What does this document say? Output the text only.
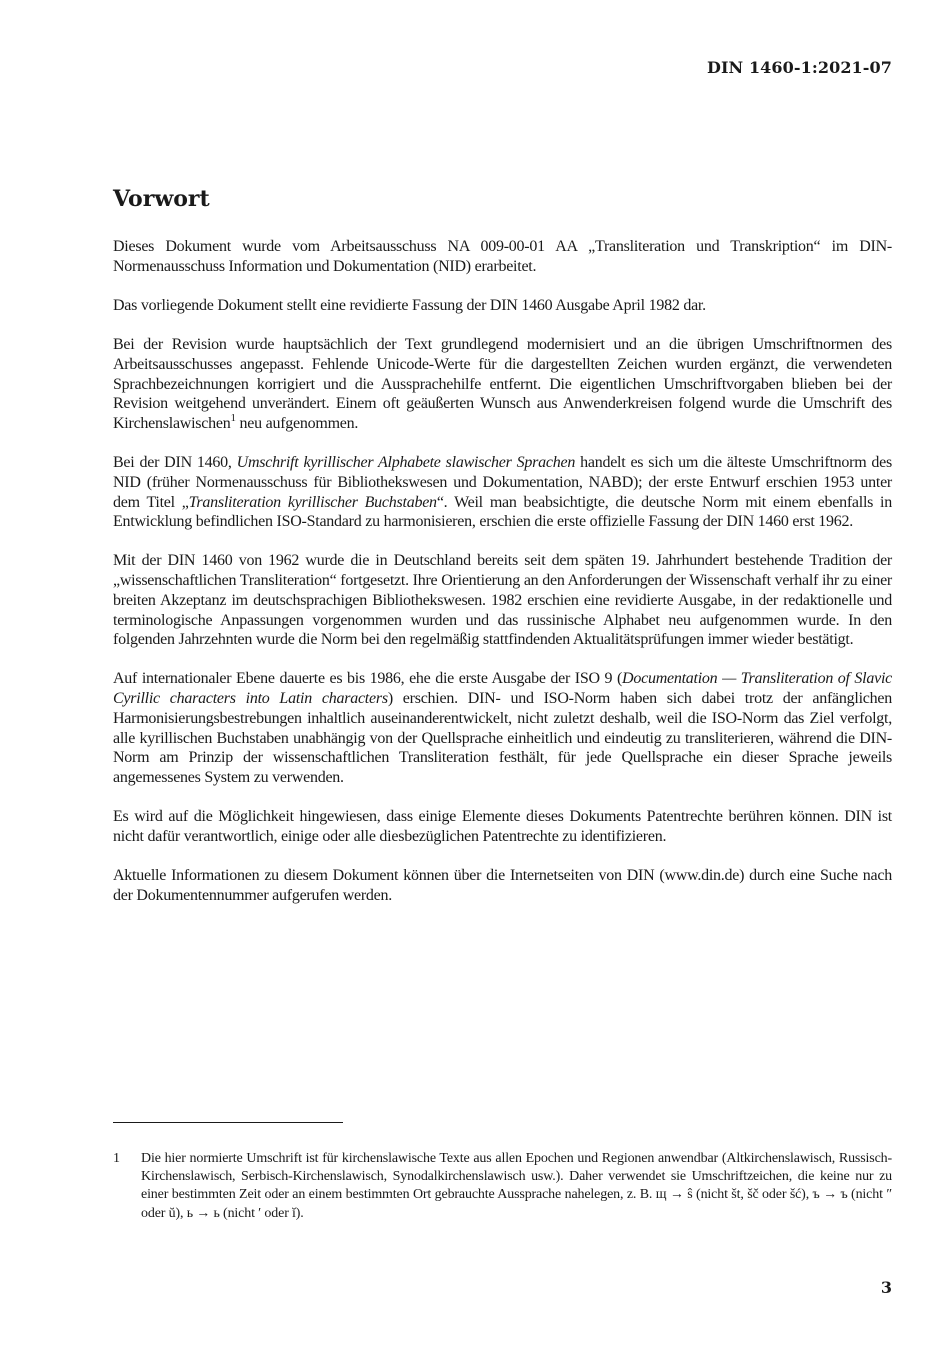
DIN 1460-1:2021-07
Vorwort

Dieses Dokument wurde vom Arbeitsausschuss NA 009-00-01 AA „Transliteration und Transkription“ im DIN-Normenausschuss Information und Dokumentation (NID) erarbeitet.

Das vorliegende Dokument stellt eine revidierte Fassung der DIN 1460 Ausgabe April 1982 dar.

Bei der Revision wurde hauptsächlich der Text grundlegend modernisiert und an die übrigen Umschriftnormen des Arbeitsausschusses angepasst. Fehlende Unicode-Werte für die dargestellten Zeichen wurden ergänzt, die verwendeten Sprachbezeichnungen korrigiert und die Aussprachehilfe entfernt. Die eigentlichen Umschriftvorgaben blieben bei der Revision weitgehend unverändert. Einem oft geäußerten Wunsch aus Anwenderkreisen folgend wurde die Umschrift des Kirchenslawischen$^1$ neu aufgenommen.

Bei der DIN 1460, Umschrift kyrillischer Alphabete slawischer Sprachen handelt es sich um die älteste Umschriftnorm des NID (früher Normenausschuss für Bibliothekswesen und Dokumentation, NABD); der erste Entwurf erschien 1953 unter dem Titel „Transliteration kyrillischer Buchstaben“. Weil man beabsichtigte, die deutsche Norm mit einem ebenfalls in Entwicklung befindlichen ISO-Standard zu harmonisieren, erschien die erste offizielle Fassung der DIN 1460 erst 1962.

Mit der DIN 1460 von 1962 wurde die in Deutschland bereits seit dem späten 19. Jahrhundert bestehende Tradition der „wissenschaftlichen Transliteration“ fortgesetzt. Ihre Orientierung an den Anforderungen der Wissenschaft verhalf ihr zu einer breiten Akzeptanz im deutschsprachigen Bibliothekswesen. 1982 erschien eine revidierte Ausgabe, in der redaktionelle und terminologische Anpassungen vorgenommen wurden und das russinische Alphabet neu aufgenommen wurde. In den folgenden Jahrzehnten wurde die Norm bei den regelmäßig stattfindenden Aktualitätsprüfungen immer wieder bestätigt.

Auf internationaler Ebene dauerte es bis 1986, ehe die erste Ausgabe der ISO 9 (Documentation — Transliteration of Slavic Cyrillic characters into Latin characters) erschien. DIN- und ISO-Norm haben sich dabei trotz der anfänglichen Harmonisierungsbestrebungen inhaltlich auseinanderentwickelt, nicht zuletzt deshalb, weil die ISO-Norm das Ziel verfolgt, alle kyrillischen Buchstaben unabhängig von der Quellsprache einheitlich und eindeutig zu transliterieren, während die DIN-Norm am Prinzip der wissenschaftlichen Transliteration festhält, für jede Quellsprache ein dieser Sprache jeweils angemessenes System zu verwenden.

Es wird auf die Möglichkeit hingewiesen, dass einige Elemente dieses Dokuments Patentrechte berühren können. DIN ist nicht dafür verantwortlich, einige oder alle diesbezüglichen Patentrechte zu identifizieren.

Aktuelle Informationen zu diesem Dokument können über die Internetseiten von DIN (www.din.de) durch eine Suche nach der Dokumentennummer aufgerufen werden.

1	Die hier normierte Umschrift ist für kirchenslawische Texte aus allen Epochen und Regionen anwendbar (Altkirchenslawisch, Russisch-Kirchenslawisch, Serbisch-Kirchenslawisch, Synodalkirchenslawisch usw.). Daher verwendet sie Umschriftzeichen, die keine nur zu einer bestimmten Zeit oder an einem bestimmten Ort gebrauchte Aussprache nahelegen, z. B. щ → ŝ (nicht št, šč oder šć), ъ → ъ (nicht ″ oder ŭ), ь → ь (nicht ′ oder ĭ).
3
